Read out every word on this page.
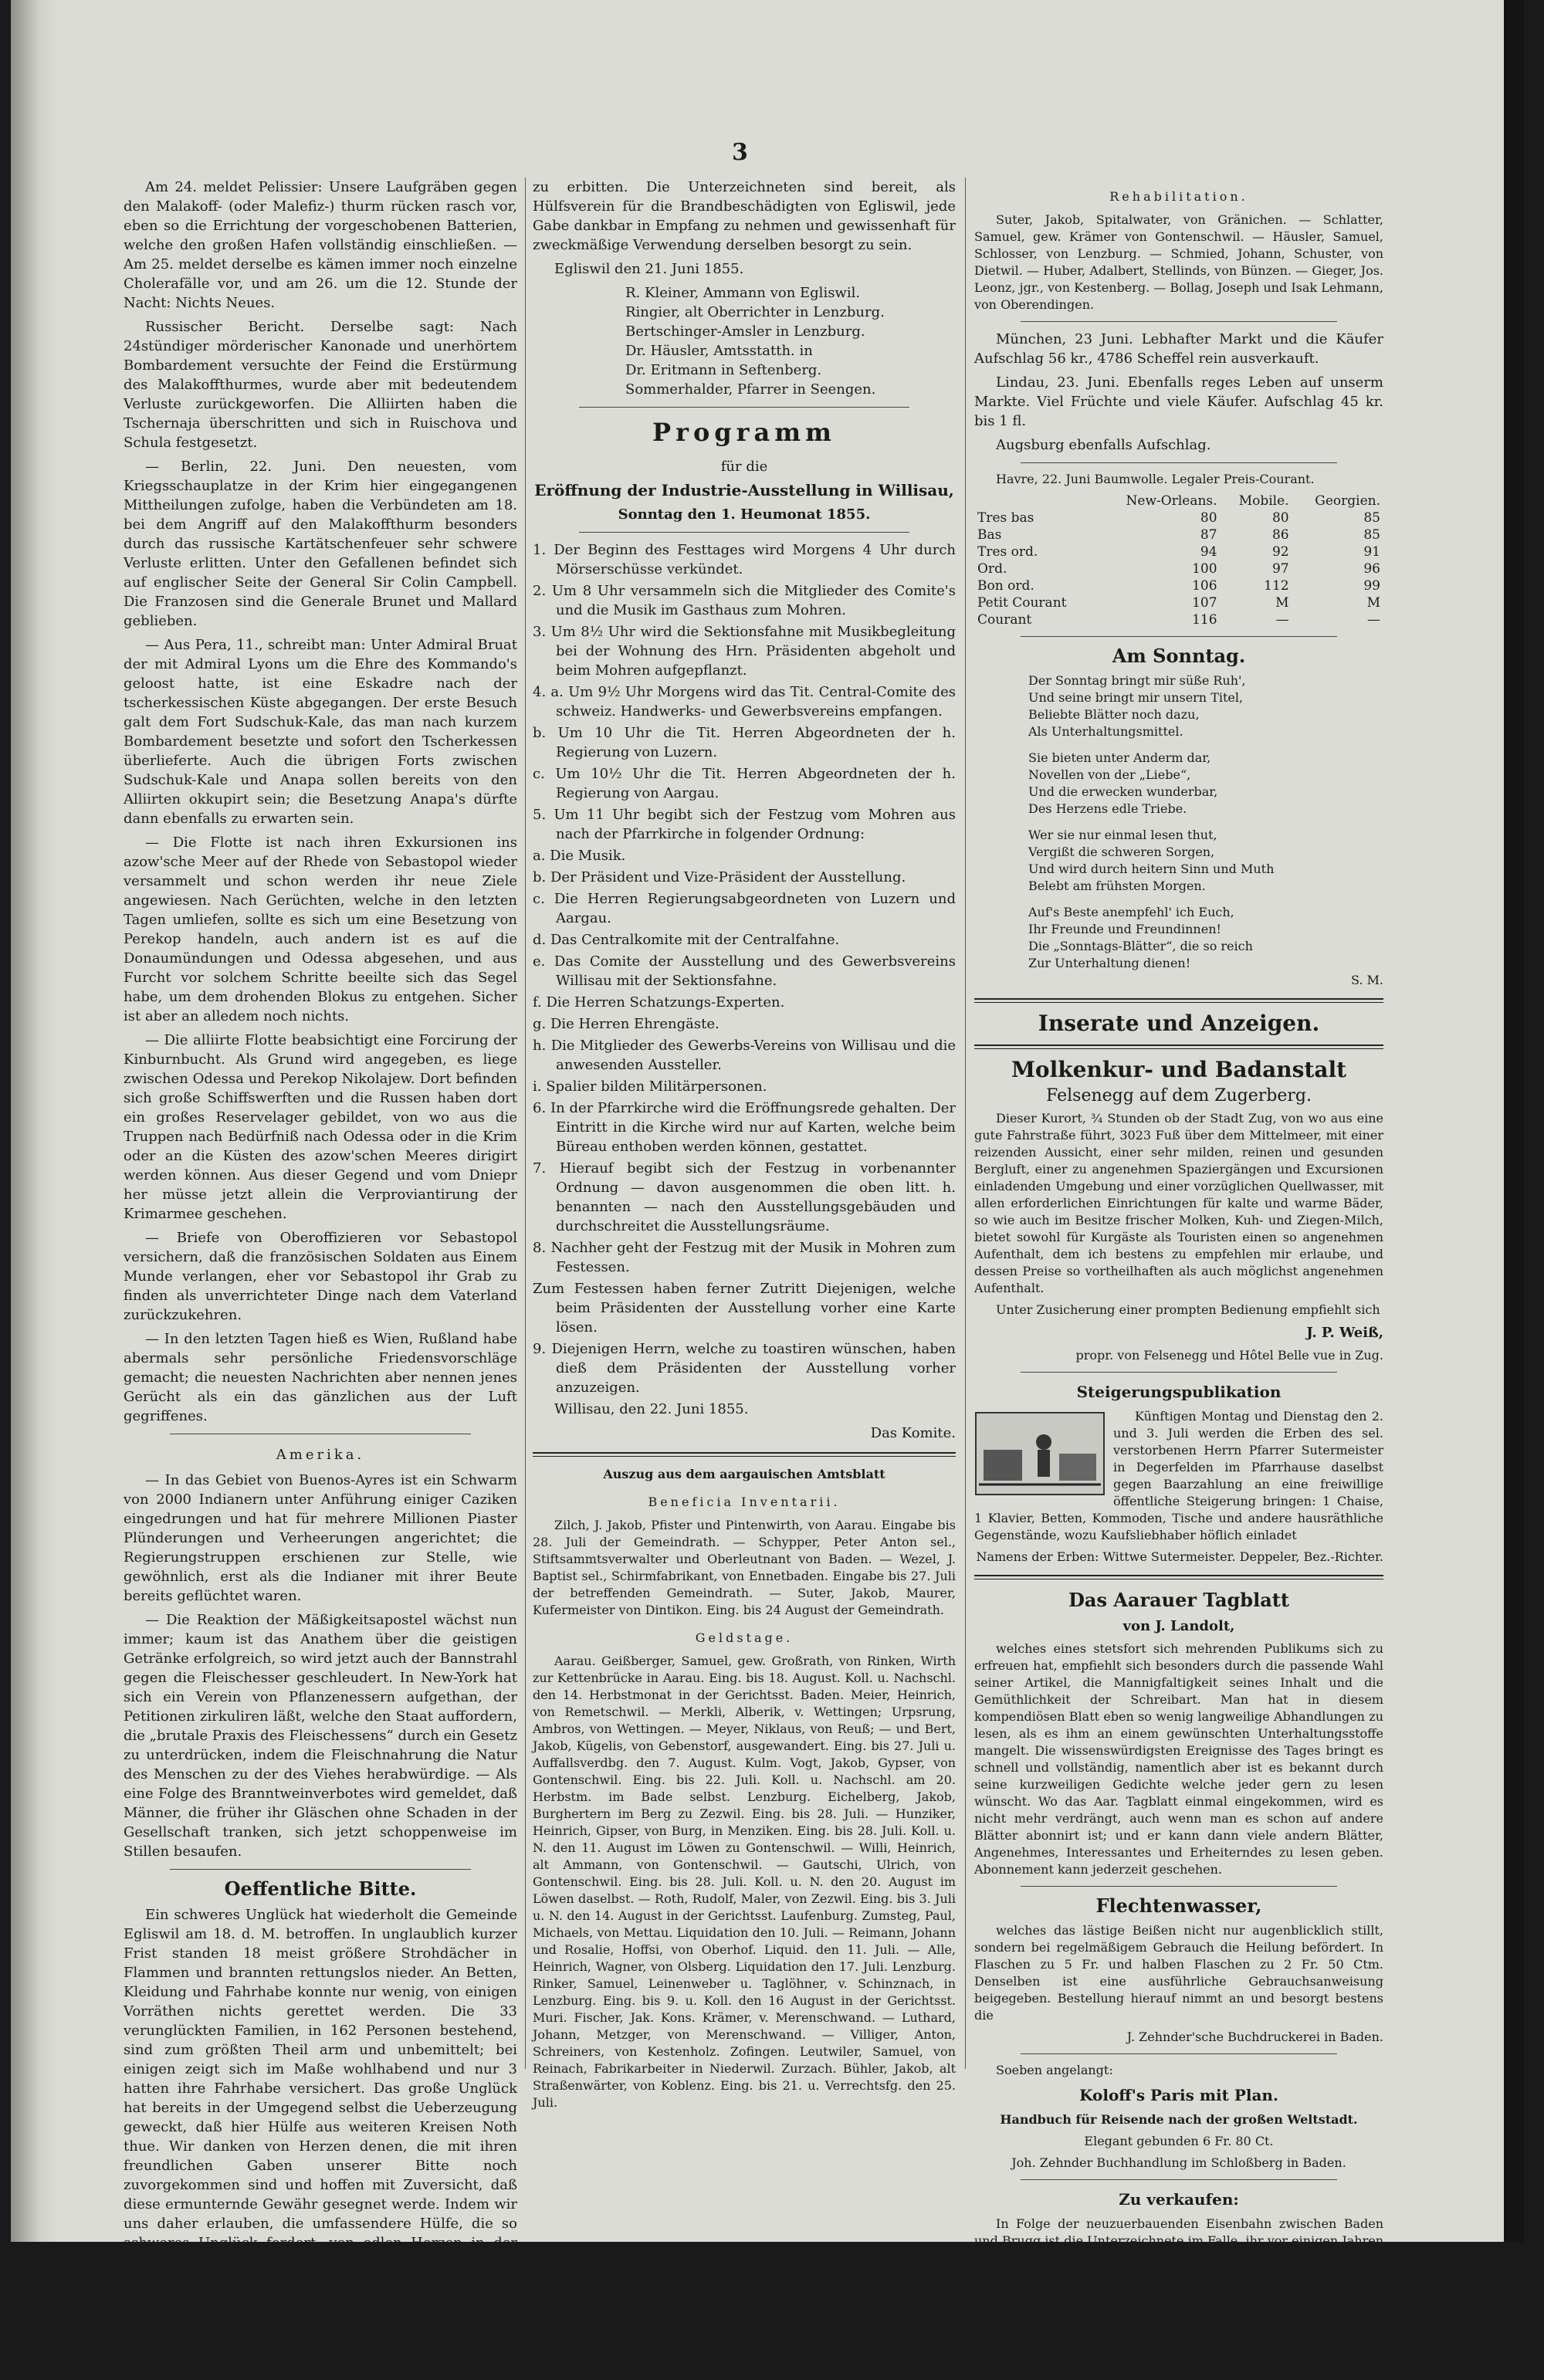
3

Am 24. meldet Pelissier: Unsere Laufgräben gegen den Malakoff- (oder Malefiz-) thurm rücken rasch vor, eben so die Errichtung der vorgeschobenen Batterien, welche den großen Hafen vollständig einschließen. — Am 25. meldet derselbe es kämen immer noch einzelne Cholerafälle vor, und am 26. um die 12. Stunde der Nacht: Nichts Neues.

Russischer Bericht. Derselbe sagt: Nach 24stündiger mörderischer Kanonade und unerhörtem Bombardement versuchte der Feind die Erstürmung des Malakoffthurmes, wurde aber mit bedeutendem Verluste zurückgeworfen. Die Alliirten haben die Tschernaja überschritten und sich in Ruischova und Schula festgesetzt.

— Berlin, 22. Juni. Den neuesten, vom Kriegsschauplatze in der Krim hier eingegangenen Mittheilungen zufolge, haben die Verbündeten am 18. bei dem Angriff auf den Malakoffthurm besonders durch das russische Kartätschenfeuer sehr schwere Verluste erlitten. Unter den Gefallenen befindet sich auf englischer Seite der General Sir Colin Campbell. Die Franzosen sind die Generale Brunet und Mallard geblieben.

— Aus Pera, 11., schreibt man: Unter Admiral Bruat der mit Admiral Lyons um die Ehre des Kommando's geloost hatte, ist eine Eskadre nach der tscherkessischen Küste abgegangen. Der erste Besuch galt dem Fort Sudschuk-Kale, das man nach kurzem Bombardement besetzte und sofort den Tscherkessen überlieferte. Auch die übrigen Forts zwischen Sudschuk-Kale und Anapa sollen bereits von den Alliirten okkupirt sein; die Besetzung Anapa's dürfte dann ebenfalls zu erwarten sein.

— Die Flotte ist nach ihren Exkursionen ins azow'sche Meer auf der Rhede von Sebastopol wieder versammelt und schon werden ihr neue Ziele angewiesen. Nach Gerüchten, welche in den letzten Tagen umliefen, sollte es sich um eine Besetzung von Perekop handeln, auch andern ist es auf die Donaumündungen und Odessa abgesehen, und aus Furcht vor solchem Schritte beeilte sich das Segel habe, um dem drohenden Blokus zu entgehen. Sicher ist aber an alledem noch nichts.

— Die alliirte Flotte beabsichtigt eine Forcirung der Kinburnbucht. Als Grund wird angegeben, es liege zwischen Odessa und Perekop Nikolajew. Dort befinden sich große Schiffswerften und die Russen haben dort ein großes Reservelager gebildet, von wo aus die Truppen nach Bedürfniß nach Odessa oder in die Krim oder an die Küsten des azow'schen Meeres dirigirt werden können. Aus dieser Gegend und vom Dniepr her müsse jetzt allein die Verproviantirung der Krimarmee geschehen.

— Briefe von Oberoffizieren vor Sebastopol versichern, daß die französischen Soldaten aus Einem Munde verlangen, eher vor Sebastopol ihr Grab zu finden als unverrichteter Dinge nach dem Vaterland zurückzukehren.

— In den letzten Tagen hieß es Wien, Rußland habe abermals sehr persönliche Friedensvorschläge gemacht; die neuesten Nachrichten aber nennen jenes Gerücht als ein das gänzlichen aus der Luft gegriffenes.

Amerika.

— In das Gebiet von Buenos-Ayres ist ein Schwarm von 2000 Indianern unter Anführung einiger Caziken eingedrungen und hat für mehrere Millionen Piaster Plünderungen und Verheerungen angerichtet; die Regierungstruppen erschienen zur Stelle, wie gewöhnlich, erst als die Indianer mit ihrer Beute bereits geflüchtet waren.

— Die Reaktion der Mäßigkeitsapostel wächst nun immer; kaum ist das Anathem über die geistigen Getränke erfolgreich, so wird jetzt auch der Bannstrahl gegen die Fleischesser geschleudert. In New-York hat sich ein Verein von Pflanzenessern aufgethan, der Petitionen zirkuliren läßt, welche den Staat auffordern, die „brutale Praxis des Fleischessens“ durch ein Gesetz zu unterdrücken, indem die Fleischnahrung die Natur des Menschen zu der des Viehes herabwürdige. — Als eine Folge des Branntweinverbotes wird gemeldet, daß Männer, die früher ihr Gläschen ohne Schaden in der Gesellschaft tranken, sich jetzt schoppenweise im Stillen besaufen.

Oeffentliche Bitte.

Ein schweres Unglück hat wiederholt die Gemeinde Egliswil am 18. d. M. betroffen. In unglaublich kurzer Frist standen 18 meist größere Strohdächer in Flammen und brannten rettungslos nieder. An Betten, Kleidung und Fahrhabe konnte nur wenig, von einigen Vorräthen nichts gerettet werden. Die 33 verunglückten Familien, in 162 Personen bestehend, sind zum größten Theil arm und unbemittelt; bei einigen zeigt sich im Maße wohlhabend und nur 3 hatten ihre Fahrhabe versichert. Das große Unglück hat bereits in der Umgegend selbst die Ueberzeugung geweckt, daß hier Hülfe aus weiteren Kreisen Noth thue. Wir danken von Herzen denen, die mit ihren freundlichen Gaben unserer Bitte noch zuvorgekommen sind und hoffen mit Zuversicht, daß diese ermunternde Gewähr gesegnet werde. Indem wir uns daher erlauben, die umfassendere Hülfe, die so schweres Unglück fordert, von edlen Herzen in der Nähe und Ferne

zu erbitten. Die Unterzeichneten sind bereit, als Hülfsverein für die Brandbeschädigten von Egliswil, jede Gabe dankbar in Empfang zu nehmen und gewissenhaft für zweckmäßige Verwendung derselben besorgt zu sein.

Egliswil den 21. Juni 1855.

R. Kleiner, Ammann von Egliswil.

Ringier, alt Oberrichter in Lenzburg.

Bertschinger-Amsler in Lenzburg.

Dr. Häusler, Amtsstatth. in

Dr. Eritmann in Seftenberg.

Sommerhalder, Pfarrer in Seengen.

Programm

für die

Eröffnung der Industrie-Ausstellung in Willisau,

Sonntag den 1. Heumonat 1855.

1. Der Beginn des Festtages wird Morgens 4 Uhr durch Mörserschüsse verkündet.
2. Um 8 Uhr versammeln sich die Mitglieder des Comite's und die Musik im Gasthaus zum Mohren.
3. Um 8½ Uhr wird die Sektionsfahne mit Musikbegleitung bei der Wohnung des Hrn. Präsidenten abgeholt und beim Mohren aufgepflanzt.
4. a. Um 9½ Uhr Morgens wird das Tit. Central-Comite des schweiz. Handwerks- und Gewerbsvereins empfangen.
b. Um 10 Uhr die Tit. Herren Abgeordneten der h. Regierung von Luzern.
c. Um 10½ Uhr die Tit. Herren Abgeordneten der h. Regierung von Aargau.
5. Um 11 Uhr begibt sich der Festzug vom Mohren aus nach der Pfarrkirche in folgender Ordnung:
a. Die Musik.
b. Der Präsident und Vize-Präsident der Ausstellung.
c. Die Herren Regierungsabgeordneten von Luzern und Aargau.
d. Das Centralkomite mit der Centralfahne.
e. Das Comite der Ausstellung und des Gewerbsvereins Willisau mit der Sektionsfahne.
f. Die Herren Schatzungs-Experten.
g. Die Herren Ehrengäste.
h. Die Mitglieder des Gewerbs-Vereins von Willisau und die anwesenden Aussteller.
i. Spalier bilden Militärpersonen.
6. In der Pfarrkirche wird die Eröffnungsrede gehalten. Der Eintritt in die Kirche wird nur auf Karten, welche beim Büreau enthoben werden können, gestattet.
7. Hierauf begibt sich der Festzug in vorbenannter Ordnung — davon ausgenommen die oben litt. h. benannten — nach den Ausstellungsgebäuden und durchschreitet die Ausstellungsräume.
8. Nachher geht der Festzug mit der Musik in Mohren zum Festessen.
Zum Festessen haben ferner Zutritt Diejenigen, welche beim Präsidenten der Ausstellung vorher eine Karte lösen.
9. Diejenigen Herrn, welche zu toastiren wünschen, haben dieß dem Präsidenten der Ausstellung vorher anzuzeigen.

Willisau, den 22. Juni 1855.

Das Komite.

Auszug aus dem aargauischen Amtsblatt

Beneficia Inventarii.

Zilch, J. Jakob, Pfister und Pintenwirth, von Aarau. Eingabe bis 28. Juli der Gemeindrath. — Schypper, Peter Anton sel., Stiftsammtsverwalter und Oberleutnant von Baden. — Wezel, J. Baptist sel., Schirmfabrikant, von Ennetbaden. Eingabe bis 27. Juli der betreffenden Gemeindrath. — Suter, Jakob, Maurer, Kufermeister von Dintikon. Eing. bis 24 August der Gemeindrath.

Geldstage.

Aarau. Geißberger, Samuel, gew. Großrath, von Rinken, Wirth zur Kettenbrücke in Aarau. Eing. bis 18. August. Koll. u. Nachschl. den 14. Herbstmonat in der Gerichtsst. Baden. Meier, Heinrich, von Remetschwil. — Merkli, Alberik, v. Wettingen; Urpsrung, Ambros, von Wettingen. — Meyer, Niklaus, von Reuß; — und Bert, Jakob, Kügelis, von Gebenstorf, ausgewandert. Eing. bis 27. Juli u. Auffallsverdbg. den 7. August. Kulm. Vogt, Jakob, Gypser, von Gontenschwil. Eing. bis 22. Juli. Koll. u. Nachschl. am 20. Herbstm. im Bade selbst. Lenzburg. Eichelberg, Jakob, Burghertern im Berg zu Zezwil. Eing. bis 28. Juli. — Hunziker, Heinrich, Gipser, von Burg, in Menziken. Eing. bis 28. Juli. Koll. u. N. den 11. August im Löwen zu Gontenschwil. — Willi, Heinrich, alt Ammann, von Gontenschwil. — Gautschi, Ulrich, von Gontenschwil. Eing. bis 28. Juli. Koll. u. N. den 20. August im Löwen daselbst. — Roth, Rudolf, Maler, von Zezwil. Eing. bis 3. Juli u. N. den 14. August in der Gerichtsst. Laufenburg. Zumsteg, Paul, Michaels, von Mettau. Liquidation den 10. Juli. — Reimann, Johann und Rosalie, Hoffsi, von Oberhof. Liquid. den 11. Juli. — Alle, Heinrich, Wagner, von Olsberg. Liquidation den 17. Juli. Lenzburg. Rinker, Samuel, Leinenweber u. Taglöhner, v. Schinznach, in Lenzburg. Eing. bis 9. u. Koll. den 16 August in der Gerichtsst. Muri. Fischer, Jak. Kons. Krämer, v. Merenschwand. — Luthard, Johann, Metzger, von Merenschwand. — Villiger, Anton, Schreiners, von Kestenholz. Zofingen. Leutwiler, Samuel, von Reinach, Fabrikarbeiter in Niederwil. Zurzach. Bühler, Jakob, alt Straßenwärter, von Koblenz. Eing. bis 21. u. Verrechtsfg. den 25. Juli.

Rehabilitation.

Suter, Jakob, Spitalwater, von Gränichen. — Schlatter, Samuel, gew. Krämer von Gontenschwil. — Häusler, Samuel, Schlosser, von Lenzburg. — Schmied, Johann, Schuster, von Dietwil. — Huber, Adalbert, Stellinds, von Bünzen. — Gieger, Jos. Leonz, jgr., von Kestenberg. — Bollag, Joseph und Isak Lehmann, von Oberendingen.

München, 23 Juni. Lebhafter Markt und die Käufer Aufschlag 56 kr., 4786 Scheffel rein ausverkauft.

Lindau, 23. Juni. Ebenfalls reges Leben auf unserm Markte. Viel Früchte und viele Käufer. Aufschlag 45 kr. bis 1 fl.

Augsburg ebenfalls Aufschlag.

Havre, 22. Juni Baumwolle. Legaler Preis-Courant.

	New-Orleans.	Mobile.	Georgien.
Tres bas	80	80	85
Bas	87	86	85
Tres ord.	94	92	91
Ord.	100	97	96
Bon ord.	106	112	99
Petit Courant	107	M	M
Courant	116	—	—

Am Sonntag.

Der Sonntag bringt mir süße Ruh',

Und seine bringt mir unsern Titel,

Beliebte Blätter noch dazu,

Als Unterhaltungsmittel.

Sie bieten unter Anderm dar,

Novellen von der „Liebe“,

Und die erwecken wunderbar,

Des Herzens edle Triebe.

Wer sie nur einmal lesen thut,

Vergißt die schweren Sorgen,

Und wird durch heitern Sinn und Muth

Belebt am frühsten Morgen.

Auf's Beste anempfehl' ich Euch,

Ihr Freunde und Freundinnen!

Die „Sonntags-Blätter“, die so reich

Zur Unterhaltung dienen!

S. M.

Inserate und Anzeigen.

Molkenkur- und Badanstalt

Felsenegg auf dem Zugerberg.

Dieser Kurort, ¾ Stunden ob der Stadt Zug, von wo aus eine gute Fahrstraße führt, 3023 Fuß über dem Mittelmeer, mit einer reizenden Aussicht, einer sehr milden, reinen und gesunden Bergluft, einer zu angenehmen Spaziergängen und Excursionen einladenden Umgebung und einer vorzüglichen Quellwasser, mit allen erforderlichen Einrichtungen für kalte und warme Bäder, so wie auch im Besitze frischer Molken, Kuh- und Ziegen-Milch, bietet sowohl für Kurgäste als Touristen einen so angenehmen Aufenthalt, dem ich bestens zu empfehlen mir erlaube, und dessen Preise so vortheilhaften als auch möglichst angenehmen Aufenthalt.

Unter Zusicherung einer prompten Bedienung empfiehlt sich

J. P. Weiß,

propr. von Felsenegg und Hôtel Belle vue in Zug.

Steigerungspublikation

Künftigen Montag und Dienstag den 2. und 3. Juli werden die Erben des sel. verstorbenen Herrn Pfarrer Sutermeister in Degerfelden im Pfarrhause daselbst gegen Baarzahlung an eine freiwillige öffentliche Steigerung bringen: 1 Chaise, 1 Klavier, Betten, Kommoden, Tische und andere hausräthliche Gegenstände, wozu Kaufsliebhaber höflich einladet

Namens der Erben: Wittwe Sutermeister. Deppeler, Bez.-Richter.

Das Aarauer Tagblatt

von J. Landolt,

welches eines stetsfort sich mehrenden Publikums sich zu erfreuen hat, empfiehlt sich besonders durch die passende Wahl seiner Artikel, die Mannigfaltigkeit seines Inhalt und die Gemüthlichkeit der Schreibart. Man hat in diesem kompendiösen Blatt eben so wenig langweilige Abhandlungen zu lesen, als es ihm an einem gewünschten Unterhaltungsstoffe mangelt. Die wissenswürdigsten Ereignisse des Tages bringt es schnell und vollständig, namentlich aber ist es bekannt durch seine kurzweiligen Gedichte welche jeder gern zu lesen wünscht. Wo das Aar. Tagblatt einmal eingekommen, wird es nicht mehr verdrängt, auch wenn man es schon auf andere Blätter abonnirt ist; und er kann dann viele andern Blätter, Angenehmes, Interessantes und Erheiterndes zu lesen geben. Abonnement kann jederzeit geschehen.

Flechtenwasser,

welches das lästige Beißen nicht nur augenblicklich stillt, sondern bei regelmäßigem Gebrauch die Heilung befördert. In Flaschen zu 5 Fr. und halben Flaschen zu 2 Fr. 50 Ctm. Denselben ist eine ausführliche Gebrauchsanweisung beigegeben. Bestellung hierauf nimmt an und besorgt bestens die

J. Zehnder'sche Buchdruckerei in Baden.

Soeben angelangt:

Koloff's Paris mit Plan.

Handbuch für Reisende nach der großen Weltstadt.

Elegant gebunden 6 Fr. 80 Ct.

Joh. Zehnder Buchhandlung im Schloßberg in Baden.

Zu verkaufen:

In Folge der neuzuerbauenden Eisenbahn zwischen Baden und Brugg ist die Unterzeichnete im Falle, ihr vor einigen Jahren neuerbautes Wohnhaus zu verkaufen. Es wäre jedoch Hoffnung, daß dieses dasselbe zum Verkaufe der die Käufer dasselbe selbst abzutragen. Auch eignete sich ein wohnliches Haus zu bauen, dem bietet sich hier Gelegenheit dar, möglichst zu sämmtlichem Material für solches zu gelangen.

Kappelerhof, den 26 Juni 1855.

Wittwe Müller.
